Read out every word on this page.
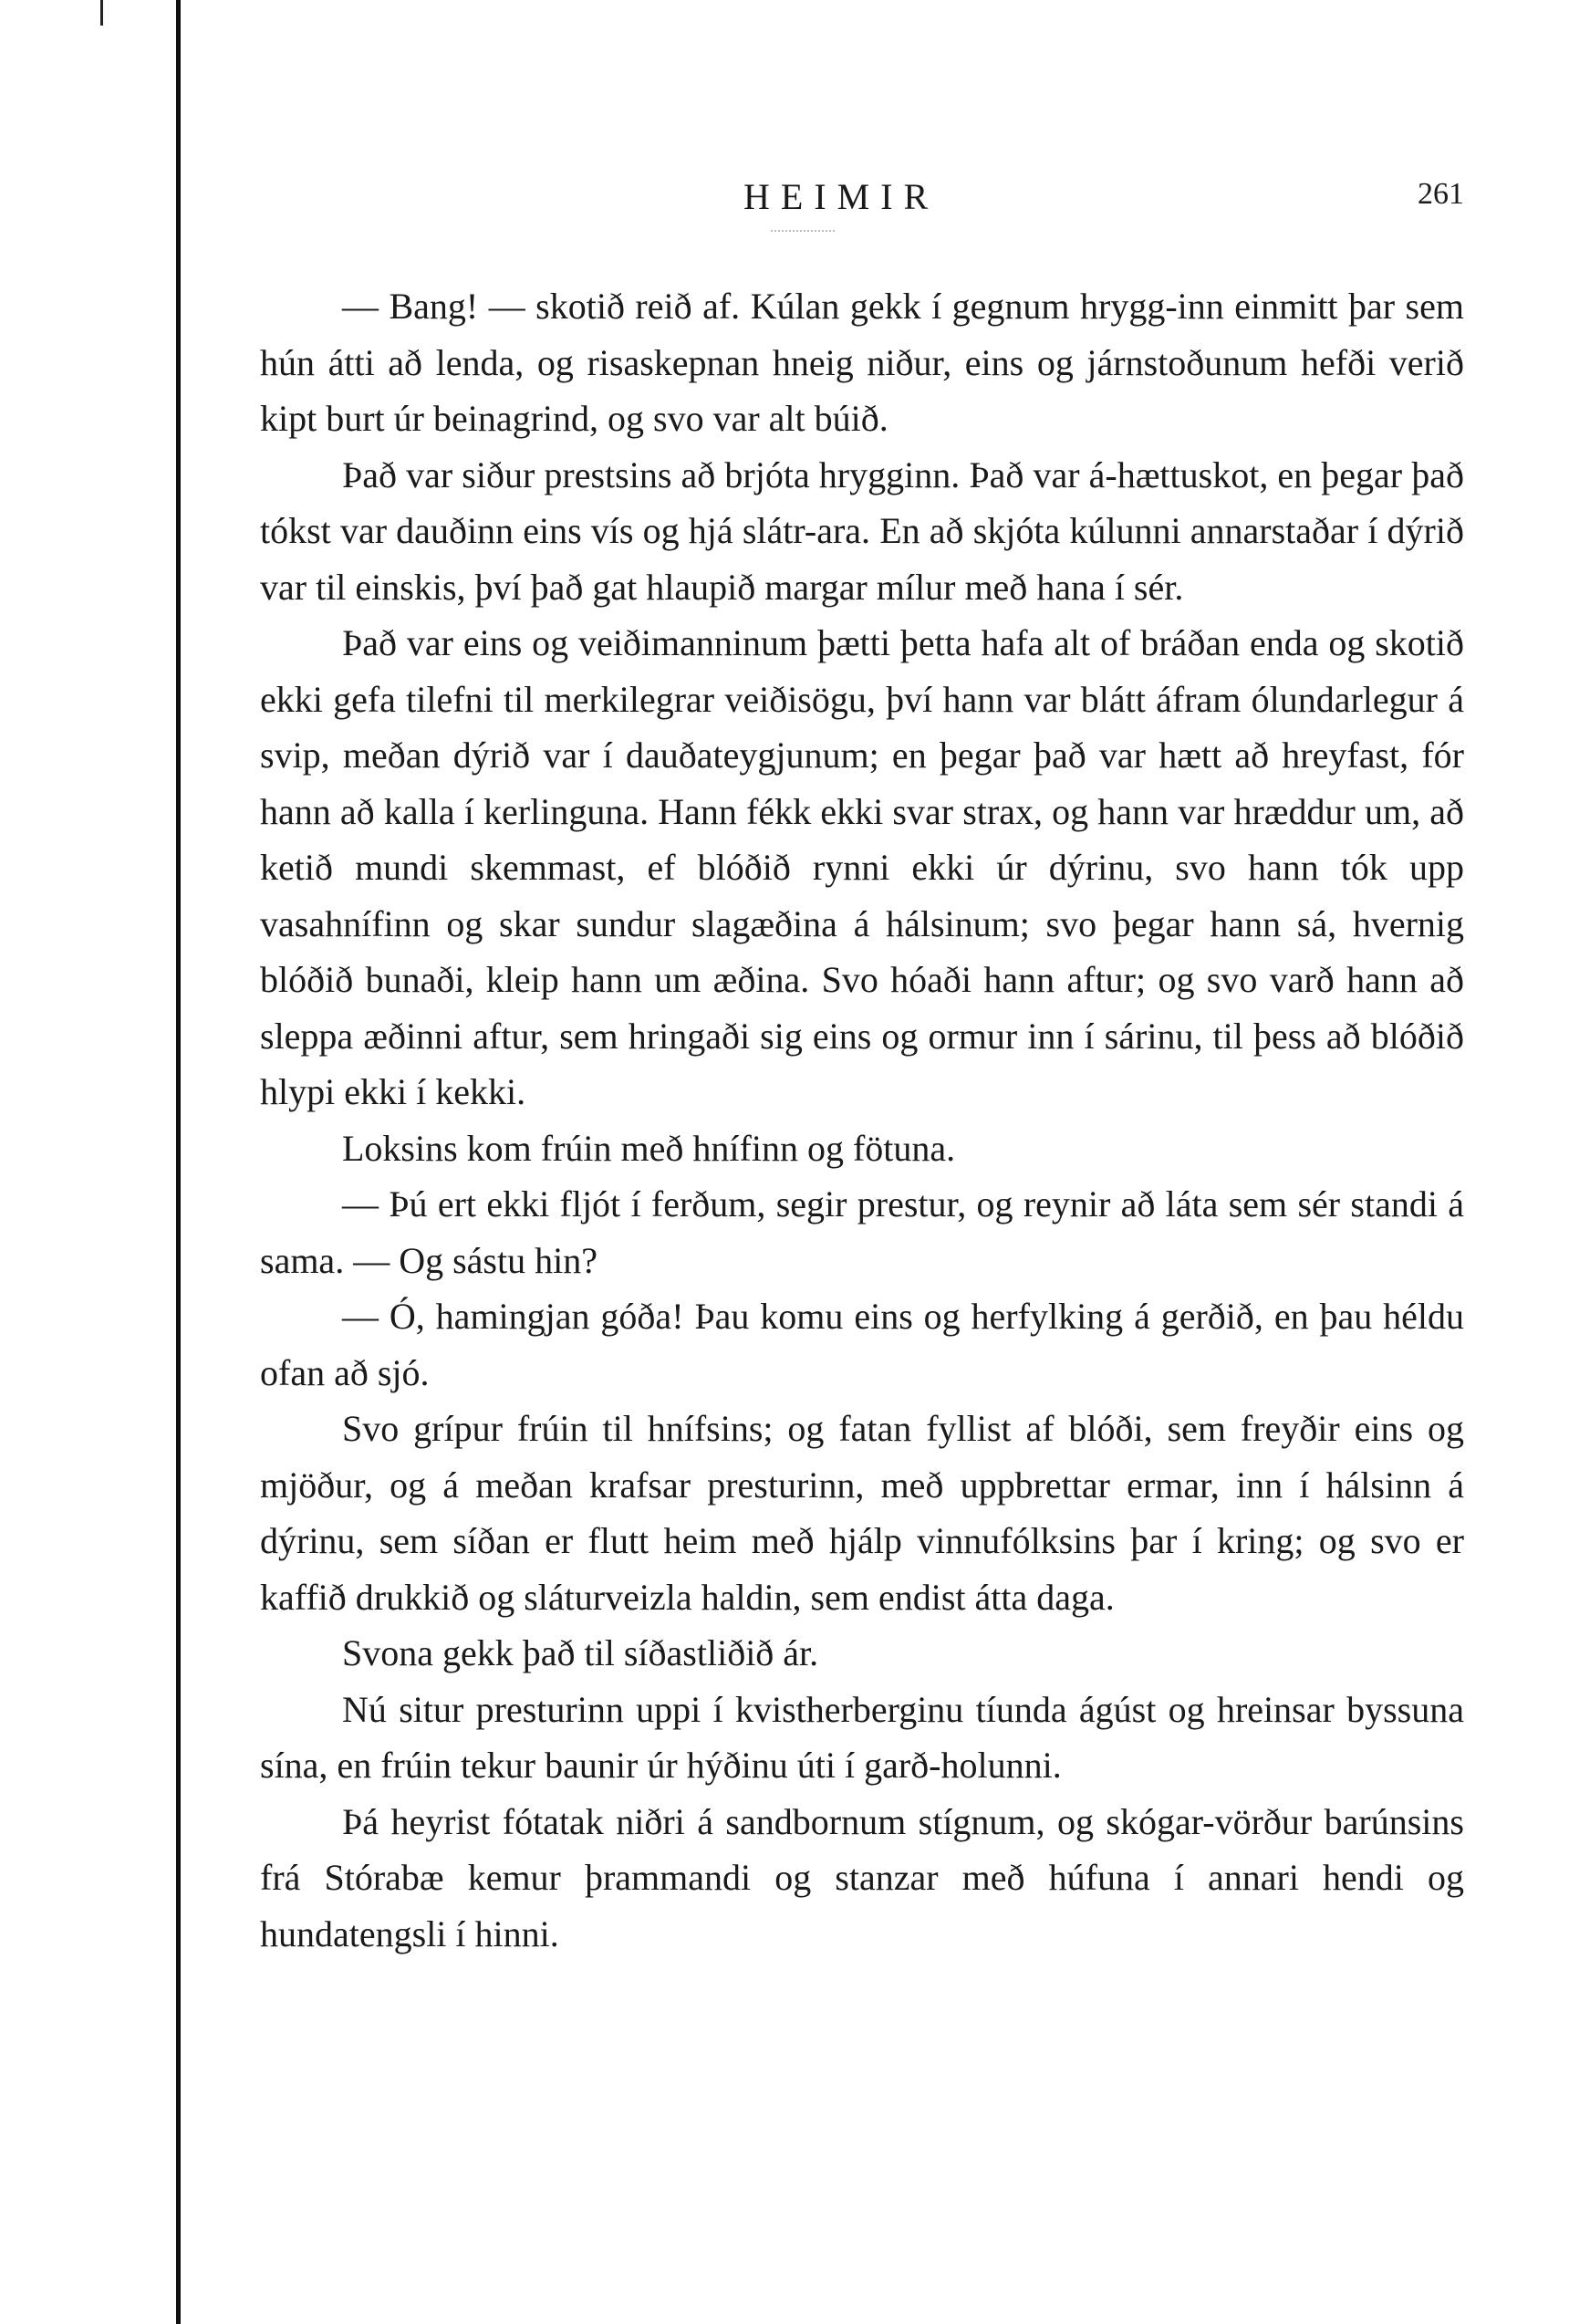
HEIMIR	261

— Bang! — skotið reið af. Kúlan gekk í gegnum hrygg-inn einmitt þar sem hún átti að lenda, og risaskepnan hneig niður, eins og járnstoðunum hefði verið kipt burt úr beinagrind, og svo var alt búið.

Það var siður prestsins að brjóta hrygginn. Það var á-hættuskot, en þegar það tókst var dauðinn eins vís og hjá slátr-ara. En að skjóta kúlunni annarstaðar í dýrið var til einskis, því það gat hlaupið margar mílur með hana í sér.

Það var eins og veiðimanninum þætti þetta hafa alt of bráðan enda og skotið ekki gefa tilefni til merkilegrar veiðisögu, því hann var blátt áfram ólundarlegur á svip, meðan dýrið var í dauðateygjunum; en þegar það var hætt að hreyfast, fór hann að kalla í kerlinguna. Hann fékk ekki svar strax, og hann var hræddur um, að ketið mundi skemmast, ef blóðið rynni ekki úr dýrinu, svo hann tók upp vasahnífinn og skar sundur slagæðina á hálsinum; svo þegar hann sá, hvernig blóðið bunaði, kleip hann um æðina. Svo hóaði hann aftur; og svo varð hann að sleppa æðinni aftur, sem hringaði sig eins og ormur inn í sárinu, til þess að blóðið hlypi ekki í kekki.

Loksins kom frúin með hnífinn og fötuna.

— Þú ert ekki fljót í ferðum, segir prestur, og reynir að láta sem sér standi á sama. — Og sástu hin?

— Ó, hamingjan góða! Þau komu eins og herfylking á gerðið, en þau héldu ofan að sjó.

Svo grípur frúin til hnífsins; og fatan fyllist af blóði, sem freyðir eins og mjöður, og á meðan krafsar presturinn, með uppbrettar ermar, inn í hálsinn á dýrinu, sem síðan er flutt heim með hjálp vinnufólksins þar í kring; og svo er kaffið drukkið og sláturveizla haldin, sem endist átta daga.

Svona gekk það til síðastliðið ár.

Nú situr presturinn uppi í kvistherberginu tíunda ágúst og hreinsar byssuna sína, en frúin tekur baunir úr hýðinu úti í garð-holunni.

Þá heyrist fótatak niðri á sandbornum stígnum, og skógar-vörður barúnsins frá Stórabæ kemur þrammandi og stanzar með húfuna í annari hendi og hundatengsli í hinni.
